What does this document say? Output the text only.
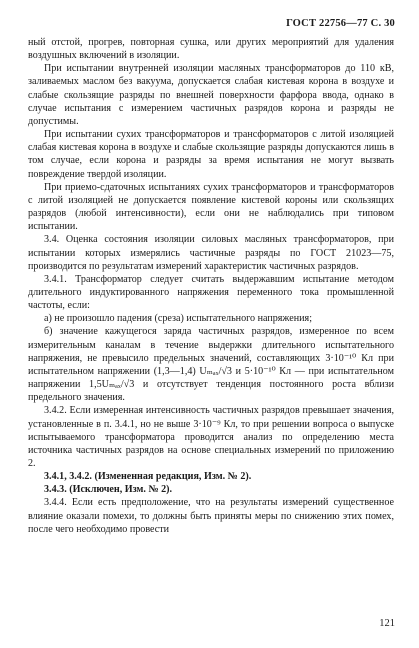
ГОСТ 22756—77 С. 30

ный отстой, прогрев, повторная сушка, или других мероприятий для удаления воздушных включений в изоляции.

При испытании внутренней изоляции масляных трансформаторов до 110 кВ, заливаемых маслом без вакуума, допускается слабая кистевая корона в воздухе и слабые скользящие разряды по внешней поверхности фарфора ввода, однако в случае испытания с измерением частичных разрядов корона и разряды не допустимы.

При испытании сухих трансформаторов и трансформаторов с литой изоляцией слабая кистевая корона в воздухе и слабые скользящие разряды допускаются лишь в том случае, если корона и разряды за время испытания не могут вызвать повреждение твердой изоляции.

При приемо-сдаточных испытаниях сухих трансформаторов и трансформаторов с литой изоляцией не допускается появление кистевой короны или скользящих разрядов (любой интенсивности), если они не наблюдались при типовом испытании.

3.4. Оценка состояния изоляции силовых масляных трансформаторов, при испытании которых измерялись частичные разряды по ГОСТ 21023—75, производится по результатам измерений характеристик частичных разрядов.

3.4.1. Трансформатор следует считать выдержавшим испытание методом длительного индуктированного напряжения переменного тока промышленной частоты, если:

а) не произошло падения (среза) испытательного напряжения;

б) значение кажущегося заряда частичных разрядов, измеренное по всем измерительным каналам в течение выдержки длительного испытательного напряжения, не превысило предельных значений, составляющих 3·10⁻¹⁰ Кл при испытательном напряжении (1,3—1,4) Uₘₐₓ/√3 и 5·10⁻¹⁰ Кл — при испытательном напряжении 1,5Uₘₐₓ/√3 и отсутствует тенденция постоянного роста вблизи предельного значения.

3.4.2. Если измеренная интенсивность частичных разрядов превышает значения, установленные в п. 3.4.1, но не выше 3·10⁻⁹ Кл, то при решении вопроса о выпуске испытываемого трансформатора проводится анализ по определению места источника частичных разрядов на основе специальных измерений по приложению 2.

3.4.1, 3.4.2. (Измененная редакция, Изм. № 2).

3.4.3. (Исключен, Изм. № 2).

3.4.4. Если есть предположение, что на результаты измерений существенное влияние оказали помехи, то должны быть приняты меры по снижению этих помех, после чего необходимо провести

121
